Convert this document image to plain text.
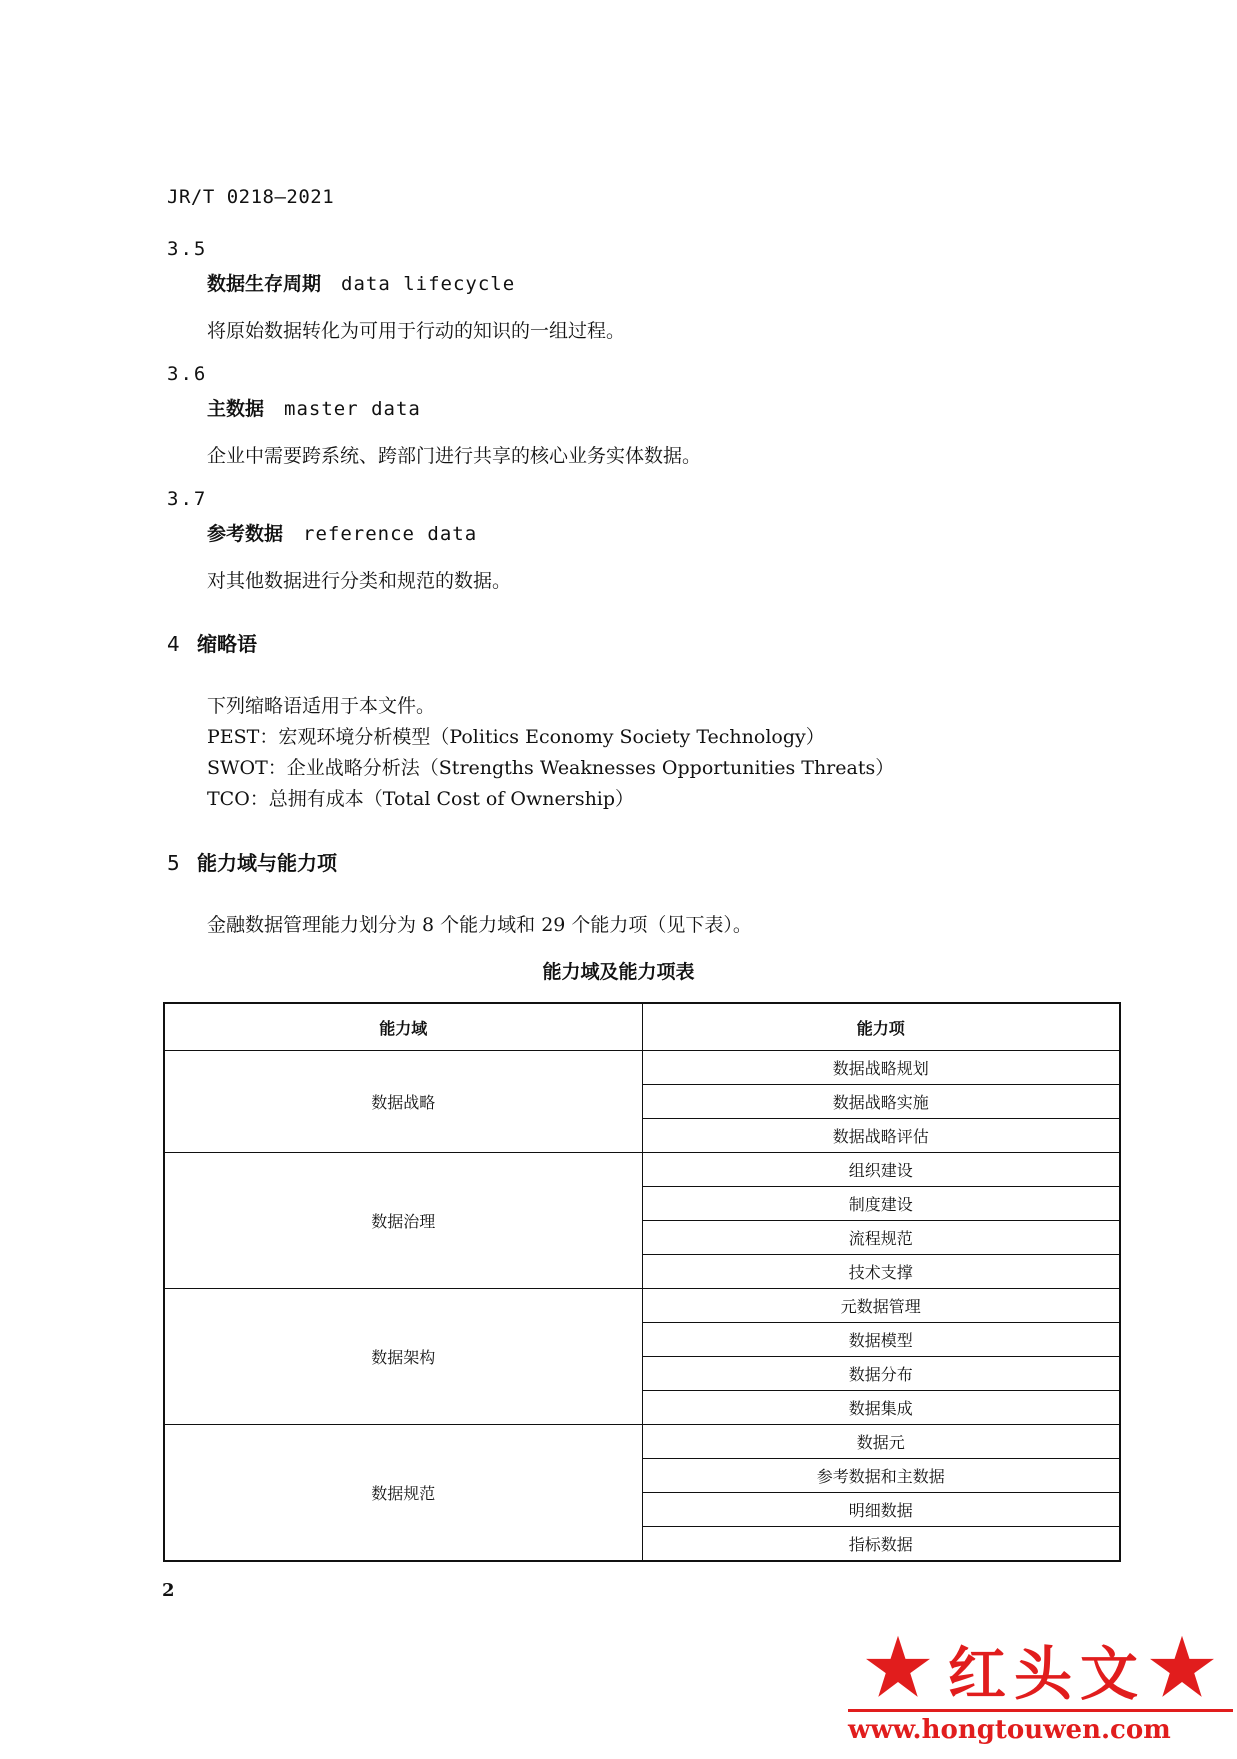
JR/T 0218—2021
3.5
数据生存周期 data lifecycle
将原始数据转化为可用于行动的知识的一组过程。
3.6
主数据 master data
企业中需要跨系统、跨部门进行共享的核心业务实体数据。
3.7
参考数据 reference data
对其他数据进行分类和规范的数据。
4 缩略语
下列缩略语适用于本文件。
PEST：宏观环境分析模型（Politics Economy Society Technology）
SWOT：企业战略分析法（Strengths Weaknesses Opportunities Threats）
TCO：总拥有成本（Total Cost of Ownership）
5 能力域与能力项
金融数据管理能力划分为 8 个能力域和 29 个能力项（见下表）。
能力域及能力项表
能力域	能力项
数据战略	数据战略规划
	数据战略实施
	数据战略评估
数据治理	组织建设
	制度建设
	流程规范
	技术支撑
数据架构	元数据管理
	数据模型
	数据分布
	数据集成
数据规范	数据元
	参考数据和主数据
	明细数据
	指标数据
2
红头文
www.hongtouwen.com
